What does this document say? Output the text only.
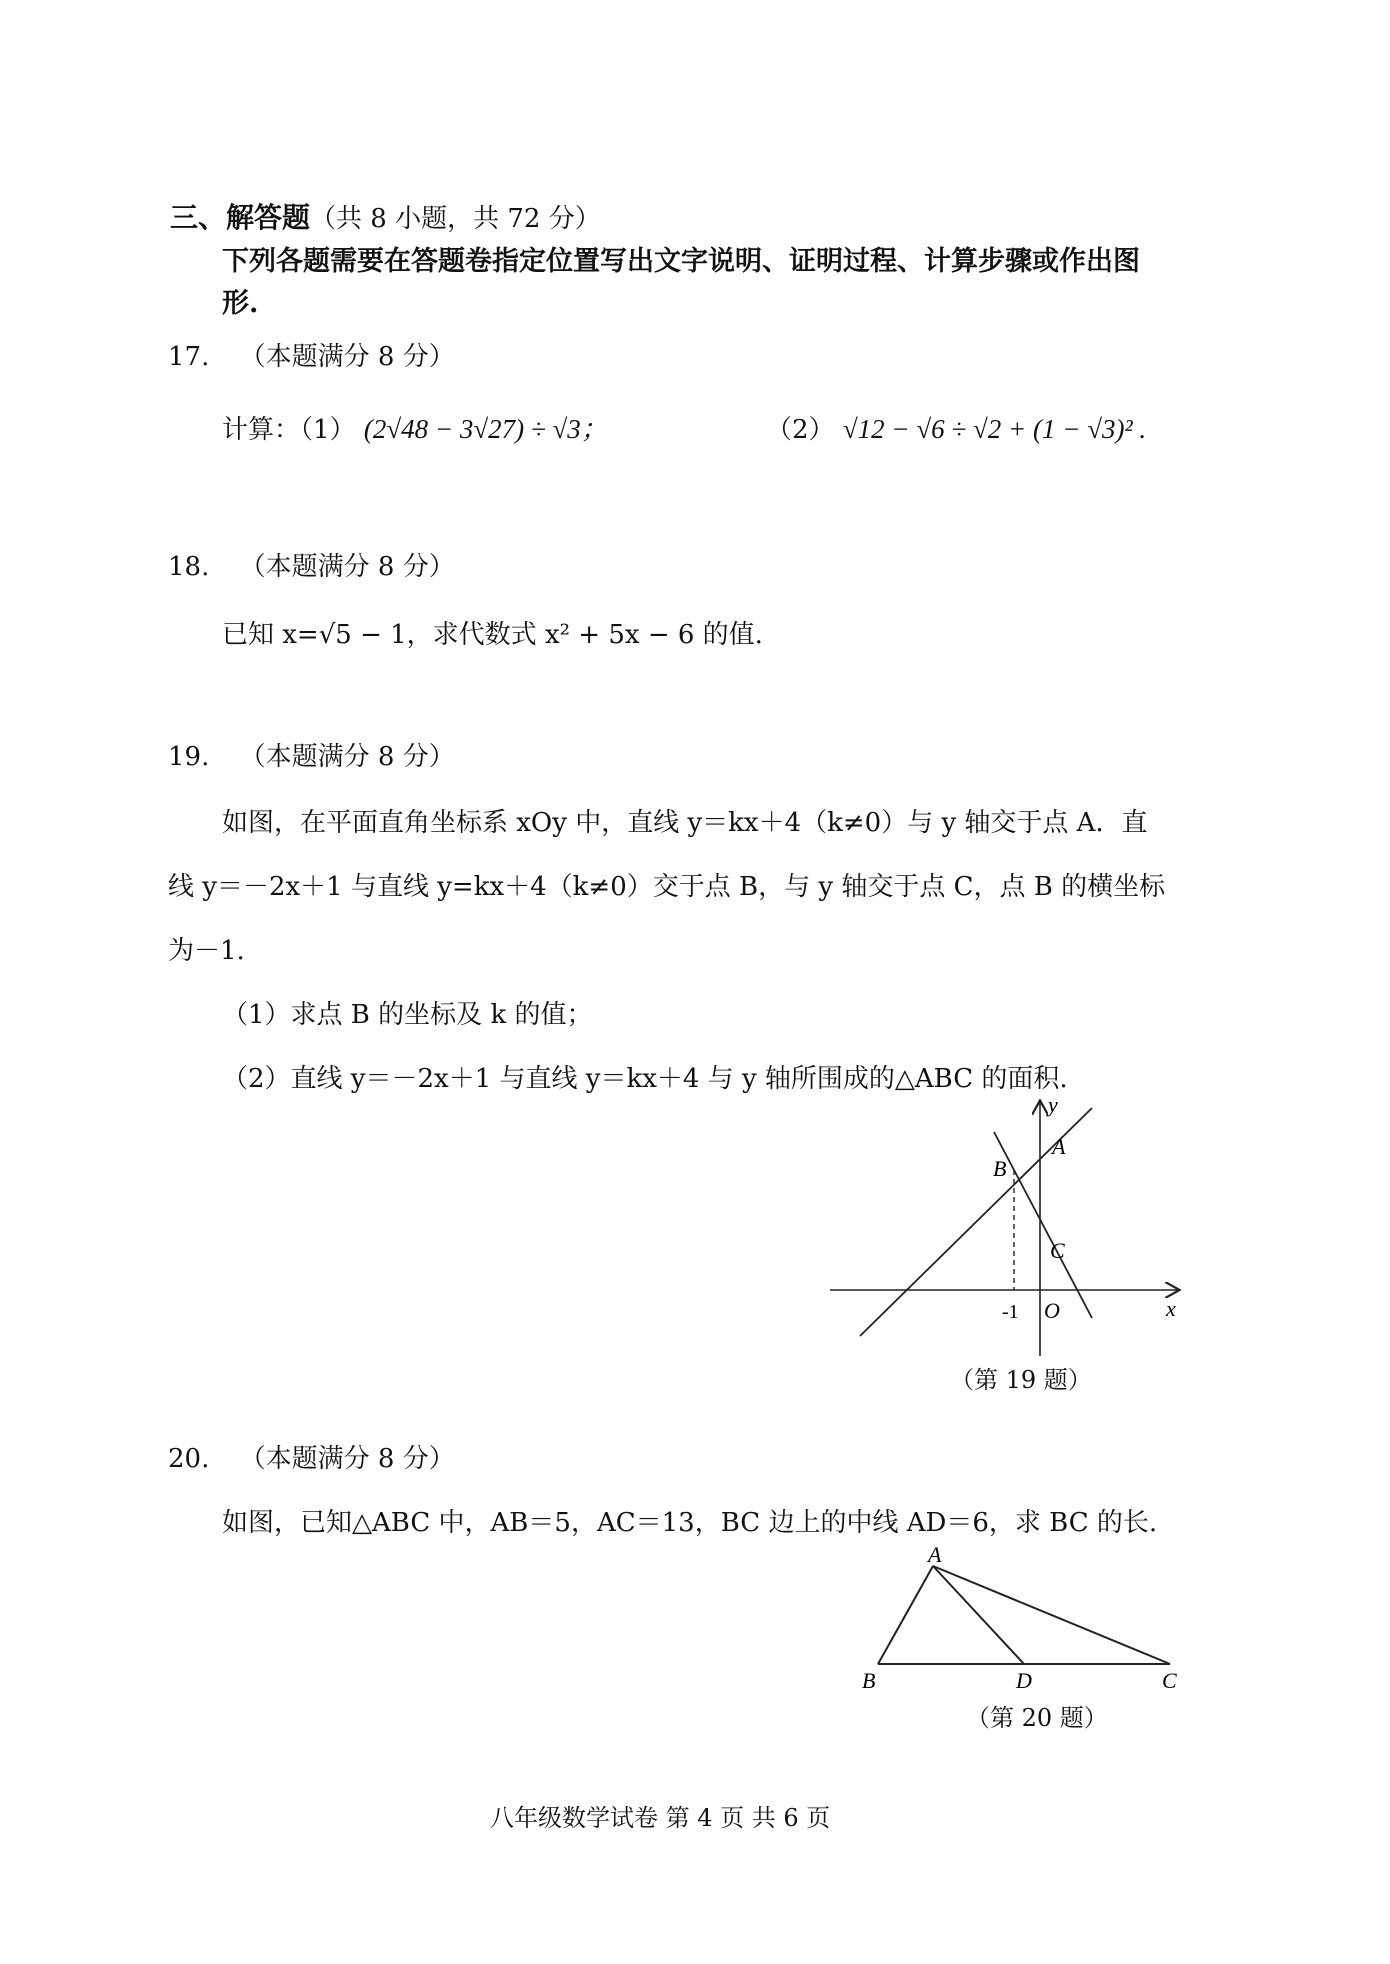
三、解答题（共 8 小题，共 72 分）
下列各题需要在答题卷指定位置写出文字说明、证明过程、计算步骤或作出图
形.
17. （本题满分 8 分）
计算：（1） (2√48 − 3√27) ÷ √3；	（2） √12 − √6 ÷ √2 + (1 − √3)² .
18. （本题满分 8 分）
已知 x=√5 − 1，求代数式 x² + 5x − 6 的值.
19. （本题满分 8 分）
如图，在平面直角坐标系 xOy 中，直线 y＝kx＋4（k≠0）与 y 轴交于点 A．直
线 y＝－2x＋1 与直线 y=kx＋4（k≠0）交于点 B，与 y 轴交于点 C，点 B 的横坐标
为－1.
（1）求点 B 的坐标及 k 的值；
（2）直线 y＝－2x＋1 与直线 y＝kx＋4 与 y 轴所围成的△ABC 的面积.
y
x
A
B
C
O
-1
（第 19 题）
20. （本题满分 8 分）
如图，已知△ABC 中，AB＝5，AC＝13，BC 边上的中线 AD＝6，求 BC 的长.
A
B	D	C
（第 20 题）
八年级数学试卷 第 4 页 共 6 页
